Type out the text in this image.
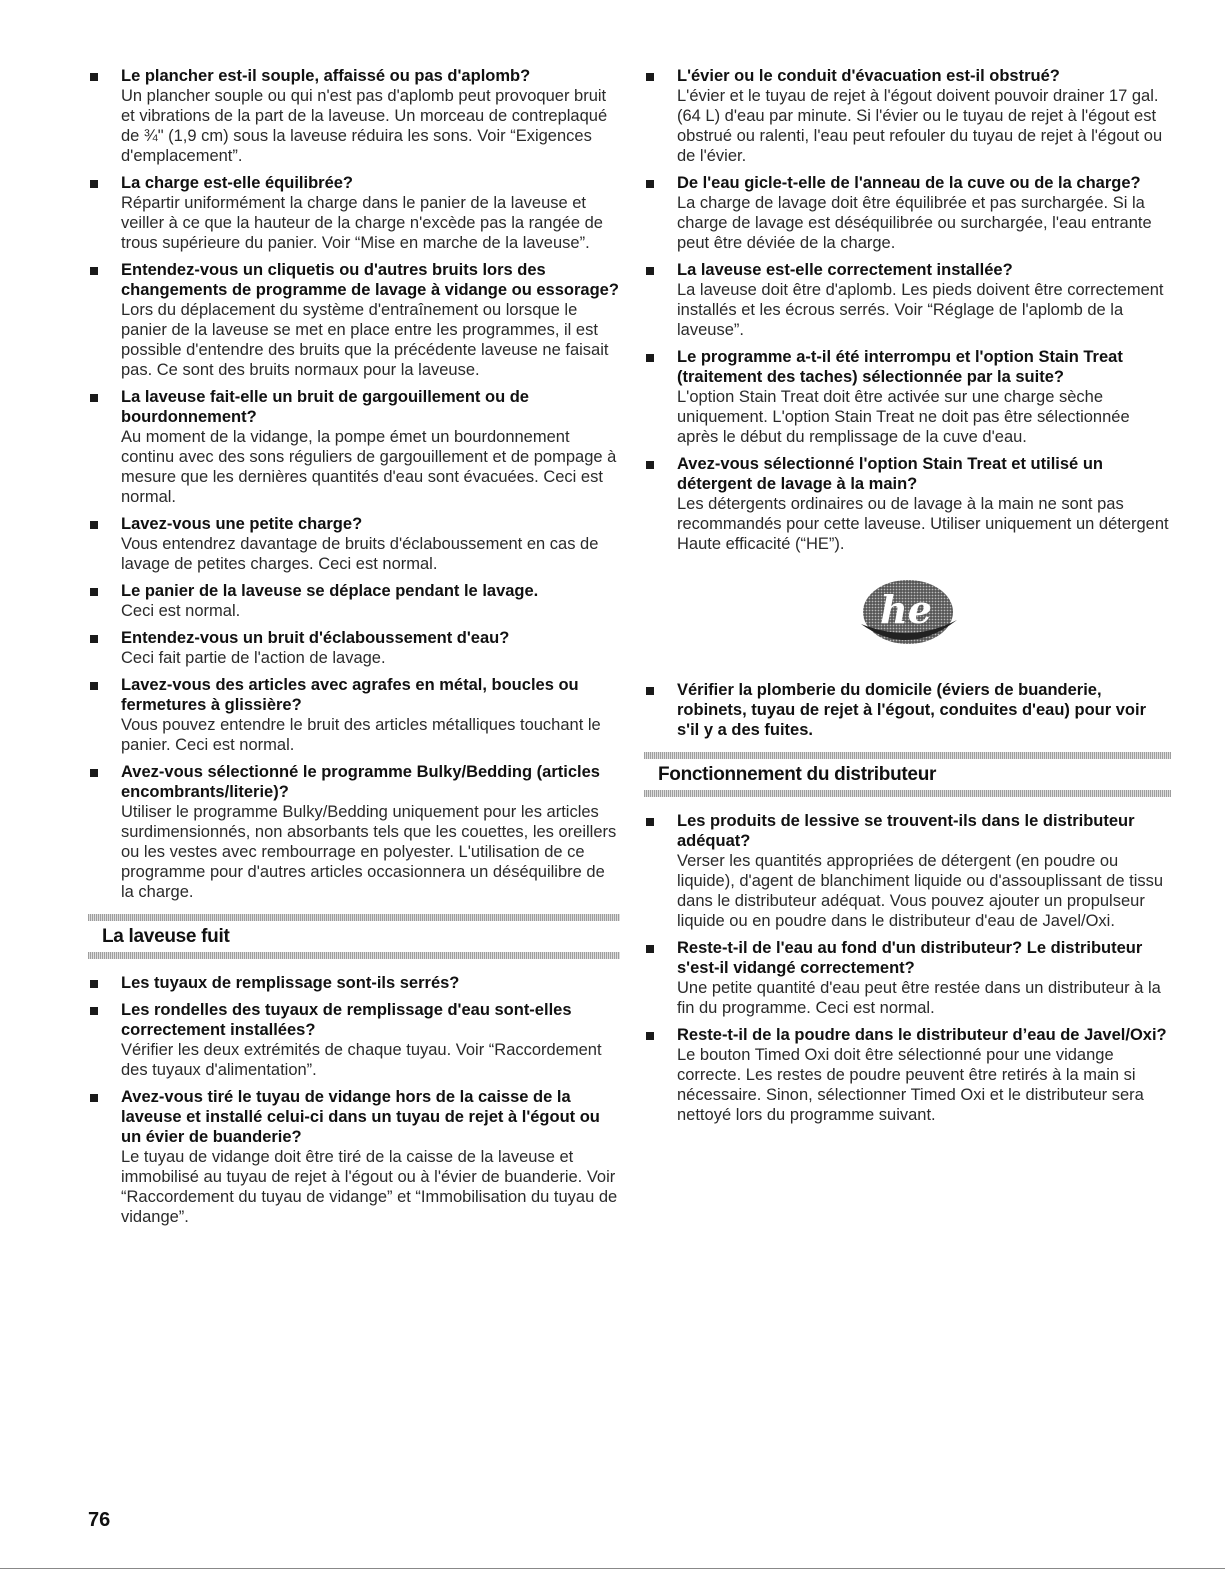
Le plancher est-il souple, affaissé ou pas d'aplomb?
Un plancher souple ou qui n'est pas d'aplomb peut provoquer bruit et vibrations de la part de la laveuse. Un morceau de contreplaqué de ¾" (1,9 cm) sous la laveuse réduira les sons. Voir “Exigences d'emplacement”.
La charge est-elle équilibrée?
Répartir uniformément la charge dans le panier de la laveuse et veiller à ce que la hauteur de la charge n'excède pas la rangée de trous supérieure du panier. Voir “Mise en marche de la laveuse”.
Entendez-vous un cliquetis ou d'autres bruits lors des changements de programme de lavage à vidange ou essorage?
Lors du déplacement du système d'entraînement ou lorsque le panier de la laveuse se met en place entre les programmes, il est possible d'entendre des bruits que la précédente laveuse ne faisait pas. Ce sont des bruits normaux pour la laveuse.
La laveuse fait-elle un bruit de gargouillement ou de bourdonnement?
Au moment de la vidange, la pompe émet un bourdonnement continu avec des sons réguliers de gargouillement et de pompage à mesure que les dernières quantités d'eau sont évacuées. Ceci est normal.
Lavez-vous une petite charge?
Vous entendrez davantage de bruits d'éclaboussement en cas de lavage de petites charges. Ceci est normal.
Le panier de la laveuse se déplace pendant le lavage.
Ceci est normal.
Entendez-vous un bruit d'éclaboussement d'eau?
Ceci fait partie de l'action de lavage.
Lavez-vous des articles avec agrafes en métal, boucles ou fermetures à glissière?
Vous pouvez entendre le bruit des articles métalliques touchant le panier. Ceci est normal.
Avez-vous sélectionné le programme Bulky/Bedding (articles encombrants/literie)?
Utiliser le programme Bulky/Bedding uniquement pour les articles surdimensionnés, non absorbants tels que les couettes, les oreillers ou les vestes avec rembourrage en polyester. L'utilisation de ce programme pour d'autres articles occasionnera un déséquilibre de la charge.
La laveuse fuit
Les tuyaux de remplissage sont-ils serrés?
Les rondelles des tuyaux de remplissage d'eau sont-elles correctement installées?
Vérifier les deux extrémités de chaque tuyau. Voir “Raccordement des tuyaux d'alimentation”.
Avez-vous tiré le tuyau de vidange hors de la caisse de la laveuse et installé celui-ci dans un tuyau de rejet à l'égout ou un évier de buanderie?
Le tuyau de vidange doit être tiré de la caisse de la laveuse et immobilisé au tuyau de rejet à l'égout ou à l'évier de buanderie. Voir “Raccordement du tuyau de vidange” et “Immobilisation du tuyau de vidange”.
L'évier ou le conduit d'évacuation est-il obstrué?
L'évier et le tuyau de rejet à l'égout doivent pouvoir drainer 17 gal. (64 L) d'eau par minute. Si l'évier ou le tuyau de rejet à l'égout est obstrué ou ralenti, l'eau peut refouler du tuyau de rejet à l'égout ou de l'évier.
De l'eau gicle-t-elle de l'anneau de la cuve ou de la charge?
La charge de lavage doit être équilibrée et pas surchargée. Si la charge de lavage est déséquilibrée ou surchargée, l'eau entrante peut être déviée de la charge.
La laveuse est-elle correctement installée?
La laveuse doit être d'aplomb. Les pieds doivent être correctement installés et les écrous serrés. Voir “Réglage de l'aplomb de la laveuse”.
Le programme a-t-il été interrompu et l'option Stain Treat (traitement des taches) sélectionnée par la suite?
L'option Stain Treat doit être activée sur une charge sèche uniquement. L'option Stain Treat ne doit pas être sélectionnée après le début du remplissage de la cuve d'eau.
Avez-vous sélectionné l'option Stain Treat et utilisé un détergent de lavage à la main?
Les détergents ordinaires ou de lavage à la main ne sont pas recommandés pour cette laveuse. Utiliser uniquement un détergent Haute efficacité (“HE”).
he
Vérifier la plomberie du domicile (éviers de buanderie, robinets, tuyau de rejet à l'égout, conduites d'eau) pour voir s'il y a des fuites.
Fonctionnement du distributeur
Les produits de lessive se trouvent-ils dans le distributeur adéquat?
Verser les quantités appropriées de détergent (en poudre ou liquide), d'agent de blanchiment liquide ou d'assouplissant de tissu dans le distributeur adéquat. Vous pouvez ajouter un propulseur liquide ou en poudre dans le distributeur d'eau de Javel/Oxi.
Reste-t-il de l'eau au fond d'un distributeur? Le distributeur s'est-il vidangé correctement?
Une petite quantité d'eau peut être restée dans un distributeur à la fin du programme. Ceci est normal.
Reste-t-il de la poudre dans le distributeur d’eau de Javel/Oxi?
Le bouton Timed Oxi doit être sélectionné pour une vidange correcte. Les restes de poudre peuvent être retirés à la main si nécessaire. Sinon, sélectionner Timed Oxi et le distributeur sera nettoyé lors du programme suivant.
76
